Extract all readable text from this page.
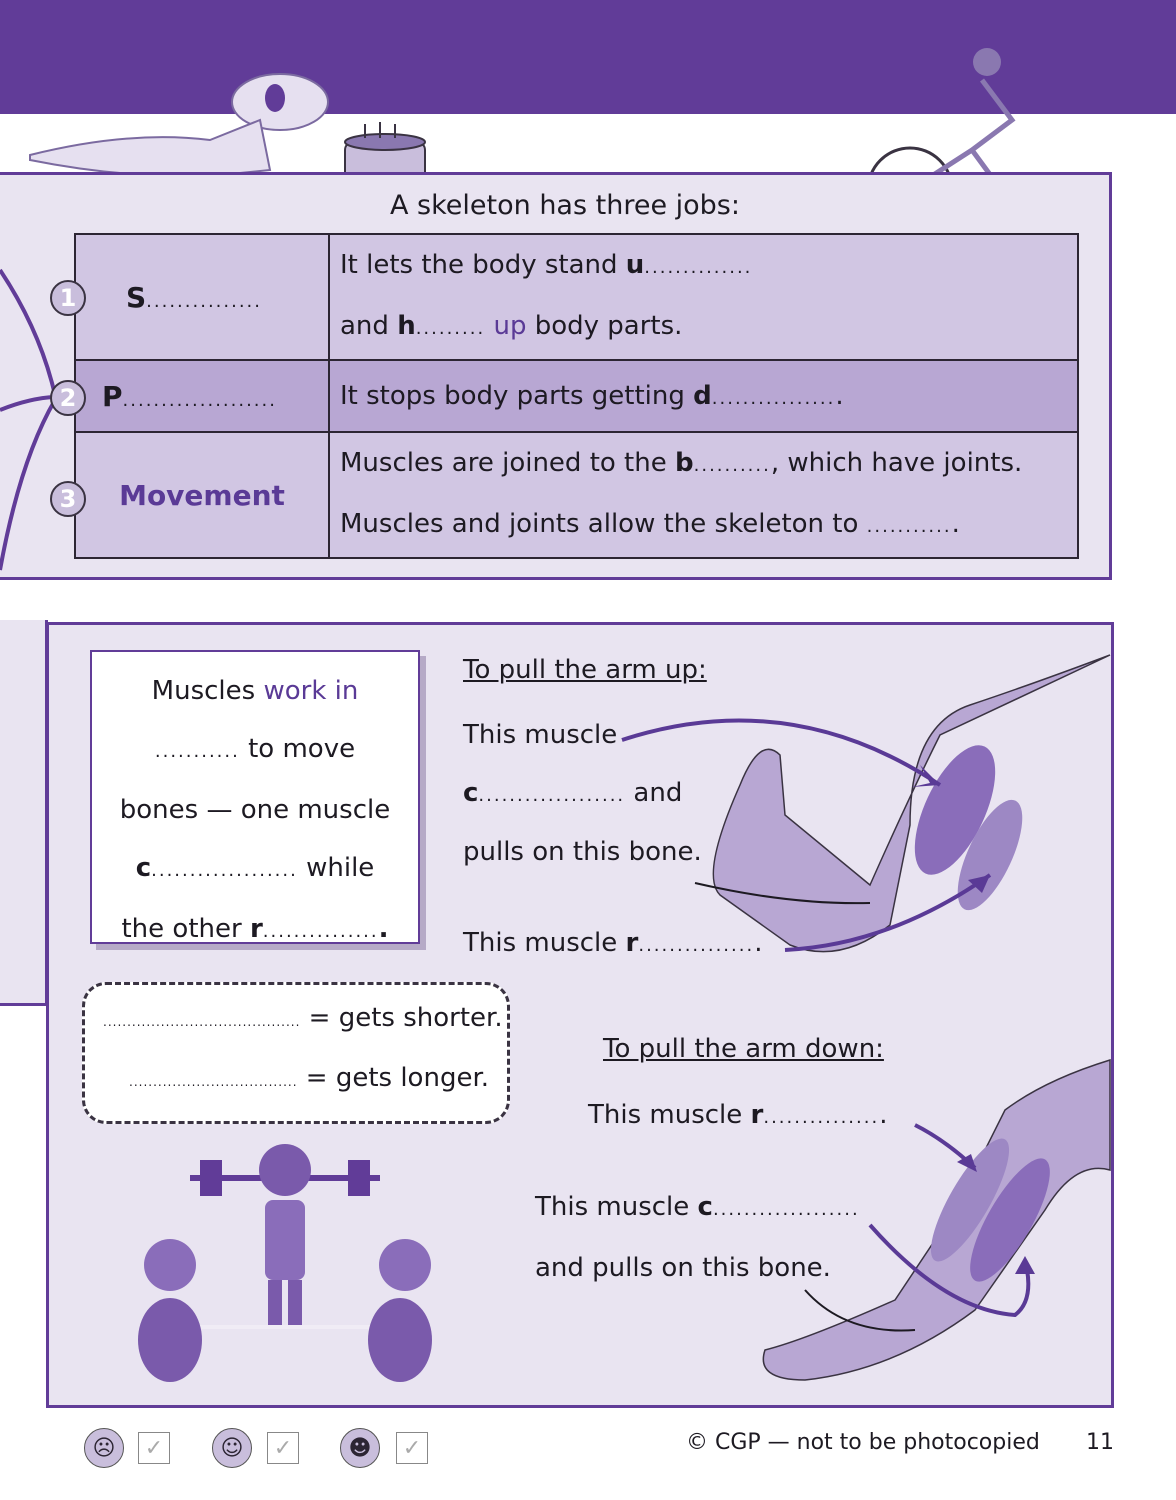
A skeleton has three jobs:
S...............	It lets the body stand u..............
and h......... up body parts.

P....................	It stops body parts getting d.................
Movement	Muscles are joined to the b.........., which have joints.
Muscles and joints allow the skeleton to ............
1
2
3
Muscles work in
........... to move
bones — one muscle
c................... while
the other r................
......................................... = gets shorter.
................................... = gets longer.
To pull the arm up:
This muscle
c................... and
pulls on this bone.
This muscle r................
To pull the arm down:
This muscle r................
This muscle c...................
and pulls on this bone.
☹	✓	☺	✓	☻	✓	© CGP — not to be photocopied 11
